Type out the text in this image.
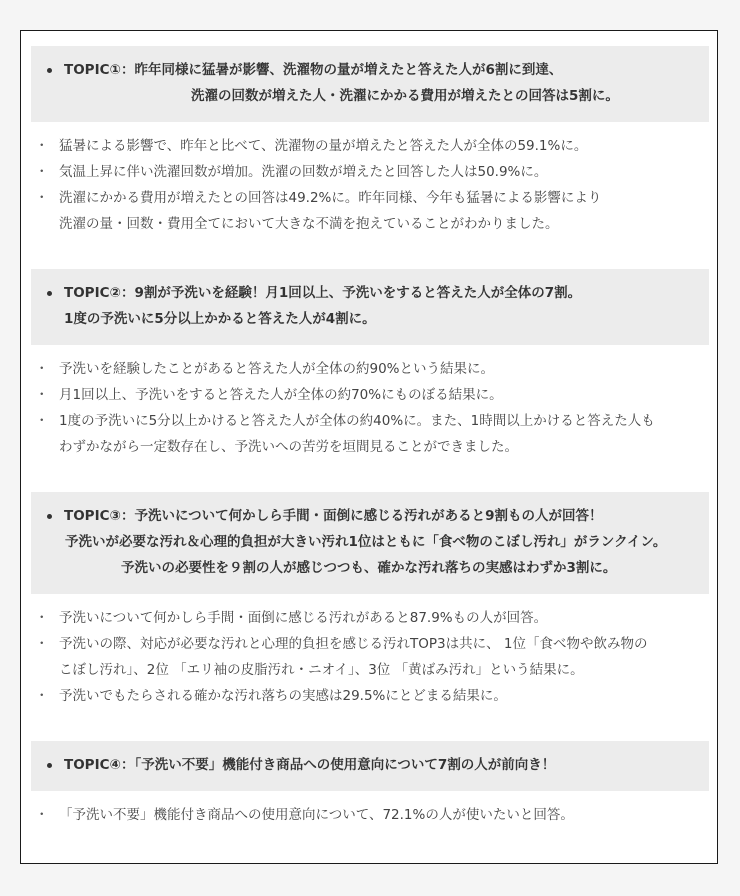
TOPIC①：昨年同様に猛暑が影響、洗濯物の量が増えたと答えた人が6割に到達、
洗濯の回数が増えた人・洗濯にかかる費用が増えたとの回答は5割に。
・ 猛暑による影響で、昨年と比べて、洗濯物の量が増えたと答えた人が全体の59.1%に。
・ 気温上昇に伴い洗濯回数が増加。洗濯の回数が増えたと回答した人は50.9%に。
・ 洗濯にかかる費用が増えたとの回答は49.2%に。昨年同様、今年も猛暑による影響により
洗濯の量・回数・費用全てにおいて大きな不満を抱えていることがわかりました。
TOPIC②：9割が予洗いを経験！月1回以上、予洗いをすると答えた人が全体の7割。
1度の予洗いに5分以上かかると答えた人が4割に。
・ 予洗いを経験したことがあると答えた人が全体の約90%という結果に。
・ 月1回以上、予洗いをすると答えた人が全体の約70%にものぼる結果に。
・ 1度の予洗いに5分以上かけると答えた人が全体の約40%に。また、1時間以上かけると答えた人も
わずかながら一定数存在し、予洗いへの苦労を垣間見ることができました。
TOPIC③：予洗いについて何かしら手間・面倒に感じる汚れがあると9割もの人が回答！
予洗いが必要な汚れ＆心理的負担が大きい汚れ1位はともに「食べ物のこぼし汚れ」がランクイン。
予洗いの必要性を９割の人が感じつつも、確かな汚れ落ちの実感はわずか3割に。
・ 予洗いについて何かしら手間・面倒に感じる汚れがあると87.9%もの人が回答。
・ 予洗いの際、対応が必要な汚れと心理的負担を感じる汚れTOP3は共に、 1位「食べ物や飲み物の
こぼし汚れ」、2位 「エリ袖の皮脂汚れ・ニオイ」、3位 「黄ばみ汚れ」という結果に。
・ 予洗いでもたらされる確かな汚れ落ちの実感は29.5%にとどまる結果に。
TOPIC④：「予洗い不要」機能付き商品への使用意向について7割の人が前向き！
・ 「予洗い不要」機能付き商品への使用意向について、72.1%の人が使いたいと回答。
